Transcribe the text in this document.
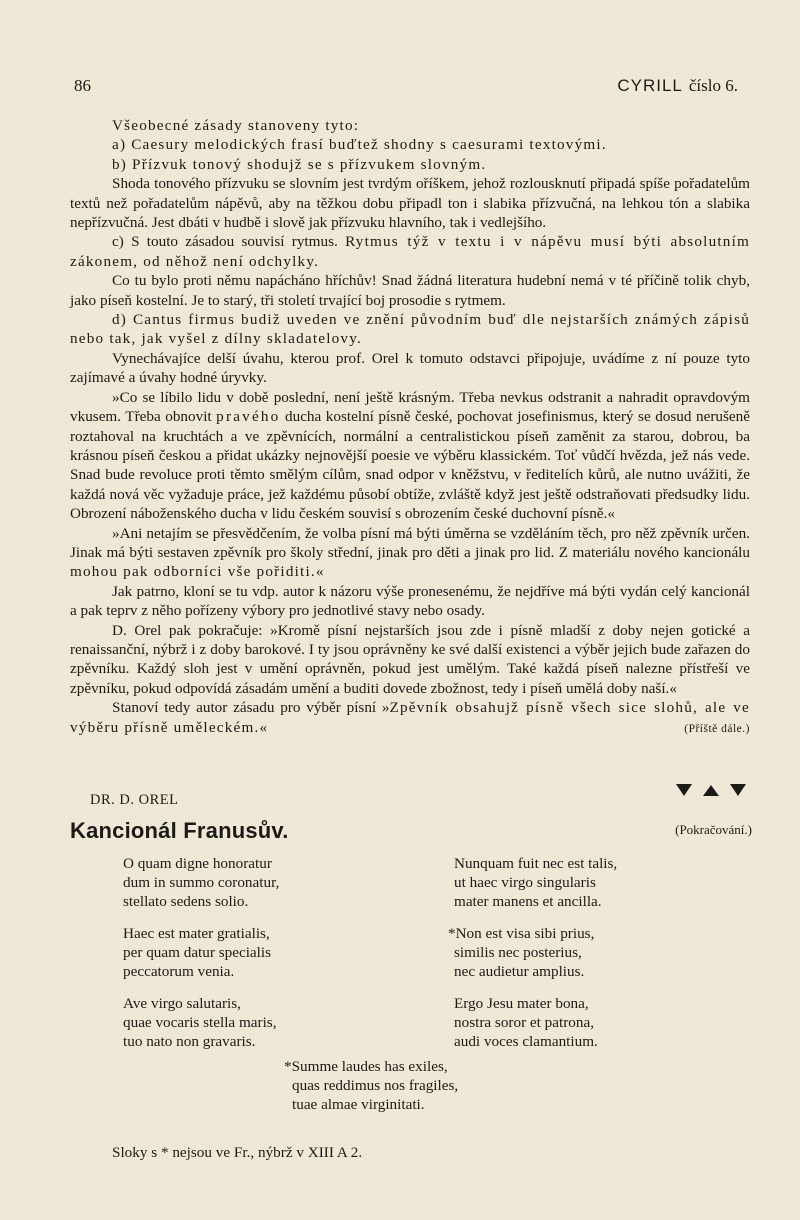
86	CYRILL číslo 6.

Všeobecné zásady stanoveny tyto:

a) Caesury melodických frasí buďtež shodny s caesurami textovými.

b) Přízvuk tonový shodujž se s přízvukem slovným.

Shoda tonového přízvuku se slovním jest tvrdým oříškem, jehož rozlousknutí připadá spíše pořadatelům textů než pořadatelům nápěvů, aby na těžkou dobu připadl ton i slabika přízvučná, na lehkou tón a slabika nepřízvučná. Jest dbáti v hudbě i slově jak přízvuku hlavního, tak i vedlejšího.

c) S touto zásadou souvisí rytmus. Rytmus týž v textu i v nápěvu musí býti absolutním zákonem, od něhož není odchylky.

Co tu bylo proti němu napácháno hříchův! Snad žádná literatura hudební nemá v té příčině tolik chyb, jako píseň kostelní. Je to starý, tři století trvající boj prosodie s rytmem.

d) Cantus firmus budiž uveden ve znění původním buď dle nejstarších známých zápisů nebo tak, jak vyšel z dílny skladatelovy.

Vynechávajíce delší úvahu, kterou prof. Orel k tomuto odstavci připojuje, uvádíme z ní pouze tyto zajímavé a úvahy hodné úryvky.

»Co se líbilo lidu v době poslední, není ještě krásným. Třeba nevkus odstranit a nahradit opravdovým vkusem. Třeba obnovit pravého ducha kostelní písně české, pochovat josefinismus, který se dosud nerušeně roztahoval na kruchtách a ve zpěvnících, normální a centralistickou píseň zaměnit za starou, dobrou, ba krásnou píseň českou a přidat ukázky nejnovější poesie ve výběru klassickém. Toť vůdčí hvězda, jež nás vede. Snad bude revoluce proti těmto smělým cílům, snad odpor v kněžstvu, v ředitelích kůrů, ale nutno uvážiti, že každá nová věc vyžaduje práce, jež každému působí obtíže, zvláště když jest ještě odstraňovati předsudky lidu. Obrození náboženského ducha v lidu českém souvisí s obrozením české duchovní písně.«

»Ani netajím se přesvědčením, že volba písní má býti úměrna se vzděláním těch, pro něž zpěvník určen. Jinak má býti sestaven zpěvník pro školy střední, jinak pro děti a jinak pro lid. Z materiálu nového kancionálu mohou pak odborníci vše pořiditi.«

Jak patrno, kloní se tu vdp. autor k názoru výše pronesenému, že nejdříve má býti vydán celý kancionál a pak teprv z něho pořízeny výbory pro jednotlivé stavy nebo osady.

D. Orel pak pokračuje: »Kromě písní nejstarších jsou zde i písně mladší z doby nejen gotické a renaissanční, nýbrž i z doby barokové. I ty jsou oprávněny ke své další existenci a výběr jejich bude zařazen do zpěvníku. Každý sloh jest v umění oprávněn, pokud jest umělým. Také každá píseň nalezne přístřeší ve zpěvníku, pokud odpovídá zásadám umění a buditi dovede zbožnost, tedy i píseň umělá doby naší.«

Stanoví tedy autor zásadu pro výběr písní »Zpěvník obsahujž písně všech sice slohů, ale ve výběru přísně uměleckém.«	(Příště dále.)

DR. D. OREL
Kancionál Franusův.	(Pokračování.)
O quam digne honoratur
dum in summo coronatur,
stellato sedens solio.
Nunquam fuit nec est talis,
ut haec virgo singularis
mater manens et ancilla.
Haec est mater gratialis,
per quam datur specialis
peccatorum venia.
*Non est visa sibi prius,
similis nec posterius,
nec audietur amplius.
Ave virgo salutaris,
quae vocaris stella maris,
tuo nato non gravaris.
Ergo Jesu mater bona,
nostra soror et patrona,
audi voces clamantium.
*Summe laudes has exiles,
quas reddimus nos fragiles,
tuae almae virginitati.
Sloky s * nejsou ve Fr., nýbrž v XIII A 2.
